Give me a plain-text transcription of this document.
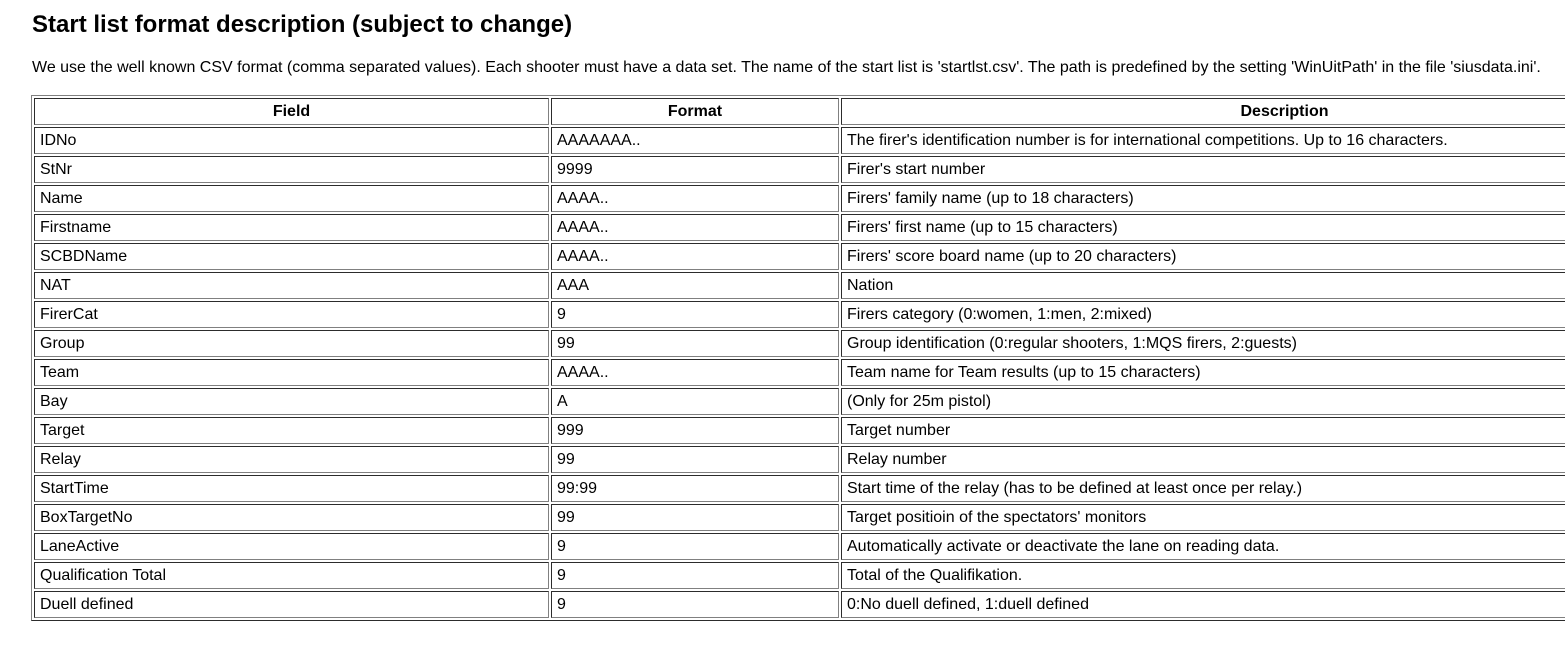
Start list format description (subject to change)

We use the well known CSV format (comma separated values). Each shooter must have a data set. The name of the start list is 'startlst.csv'. The path is predefined by the setting 'WinUitPath' in the file 'siusdata.ini'.

Field	Format	Description
IDNo	AAAAAAA..	The firer's identification number is for international competitions. Up to 16 characters.
StNr	9999	Firer's start number
Name	AAAA..	Firers' family name (up to 18 characters)
Firstname	AAAA..	Firers' first name (up to 15 characters)
SCBDName	AAAA..	Firers' score board name (up to 20 characters)
NAT	AAA	Nation
FirerCat	9	Firers category (0:women, 1:men, 2:mixed)
Group	99	Group identification (0:regular shooters, 1:MQS firers, 2:guests)
Team	AAAA..	Team name for Team results (up to 15 characters)
Bay	A	(Only for 25m pistol)
Target	999	Target number
Relay	99	Relay number
StartTime	99:99	Start time of the relay (has to be defined at least once per relay.)
BoxTargetNo	99	Target positioin of the spectators' monitors
LaneActive	9	Automatically activate or deactivate the lane on reading data.
Qualification Total	9	Total of the Qualifikation.
Duell defined	9	0:No duell defined, 1:duell defined
